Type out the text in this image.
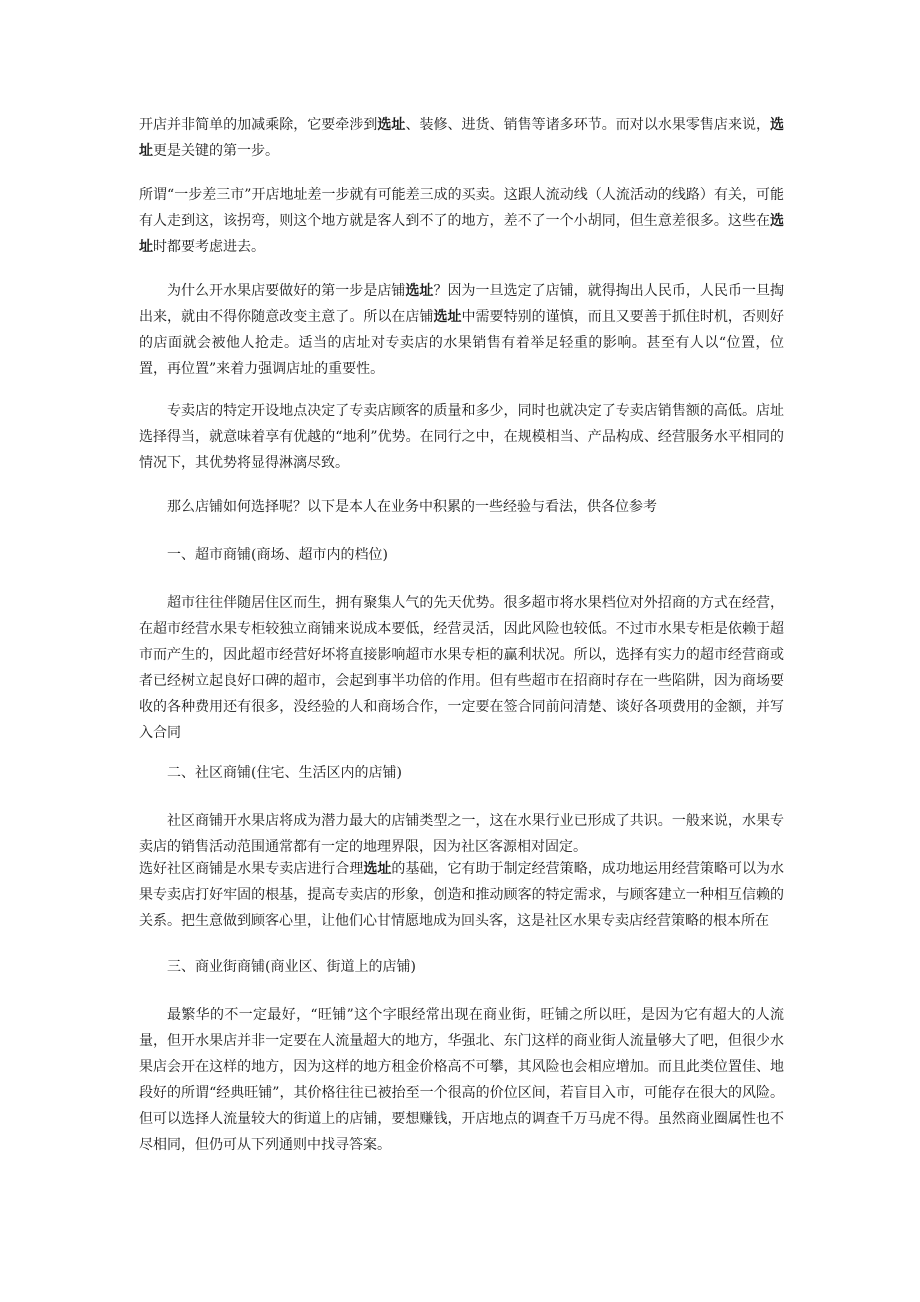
开店并非简单的加减乘除，它要牵涉到选址、装修、进货、销售等诸多环节。而对以水果零售店来说，选址更是关键的第一步。

所谓“一步差三市”开店地址差一步就有可能差三成的买卖。这跟人流动线（人流活动的线路）有关，可能有人走到这，该拐弯，则这个地方就是客人到不了的地方，差不了一个小胡同，但生意差很多。这些在选址时都要考虑进去。

为什么开水果店要做好的第一步是店铺选址？因为一旦选定了店铺，就得掏出人民币，人民币一旦掏出来，就由不得你随意改变主意了。所以在店铺选址中需要特别的谨慎，而且又要善于抓住时机，否则好的店面就会被他人抢走。适当的店址对专卖店的水果销售有着举足轻重的影响。甚至有人以“位置，位置，再位置”来着力强调店址的重要性。

专卖店的特定开设地点决定了专卖店顾客的质量和多少，同时也就决定了专卖店销售额的高低。店址选择得当，就意味着享有优越的“地利”优势。在同行之中，在规模相当、产品构成、经营服务水平相同的情况下，其优势将显得淋漓尽致。

那么店铺如何选择呢？以下是本人在业务中积累的一些经验与看法，供各位参考

一、超市商铺(商场、超市内的档位)

超市往往伴随居住区而生，拥有聚集人气的先天优势。很多超市将水果档位对外招商的方式在经营，在超市经营水果专柜较独立商铺来说成本要低，经营灵活，因此风险也较低。不过市水果专柜是依赖于超市而产生的，因此超市经营好坏将直接影响超市水果专柜的赢利状况。所以，选择有实力的超市经营商或者已经树立起良好口碑的超市，会起到事半功倍的作用。但有些超市在招商时存在一些陷阱，因为商场要收的各种费用还有很多，没经验的人和商场合作，一定要在签合同前问清楚、谈好各项费用的金额，并写入合同

二、社区商铺(住宅、生活区内的店铺)

社区商铺开水果店将成为潜力最大的店铺类型之一，这在水果行业已形成了共识。一般来说，水果专卖店的销售活动范围通常都有一定的地理界限，因为社区客源相对固定。

选好社区商铺是水果专卖店进行合理选址的基础，它有助于制定经营策略，成功地运用经营策略可以为水果专卖店打好牢固的根基，提高专卖店的形象，创造和推动顾客的特定需求，与顾客建立一种相互信赖的关系。把生意做到顾客心里，让他们心甘情愿地成为回头客，这是社区水果专卖店经营策略的根本所在

三、商业街商铺(商业区、街道上的店铺)

最繁华的不一定最好，“旺铺”这个字眼经常出现在商业街，旺铺之所以旺，是因为它有超大的人流量，但开水果店并非一定要在人流量超大的地方，华强北、东门这样的商业街人流量够大了吧，但很少水果店会开在这样的地方，因为这样的地方租金价格高不可攀，其风险也会相应增加。而且此类位置佳、地段好的所谓“经典旺铺”，其价格往往已被抬至一个很高的价位区间，若盲目入市，可能存在很大的风险。但可以选择人流量较大的街道上的店铺，要想赚钱，开店地点的调查千万马虎不得。虽然商业圈属性也不尽相同，但仍可从下列通则中找寻答案。
